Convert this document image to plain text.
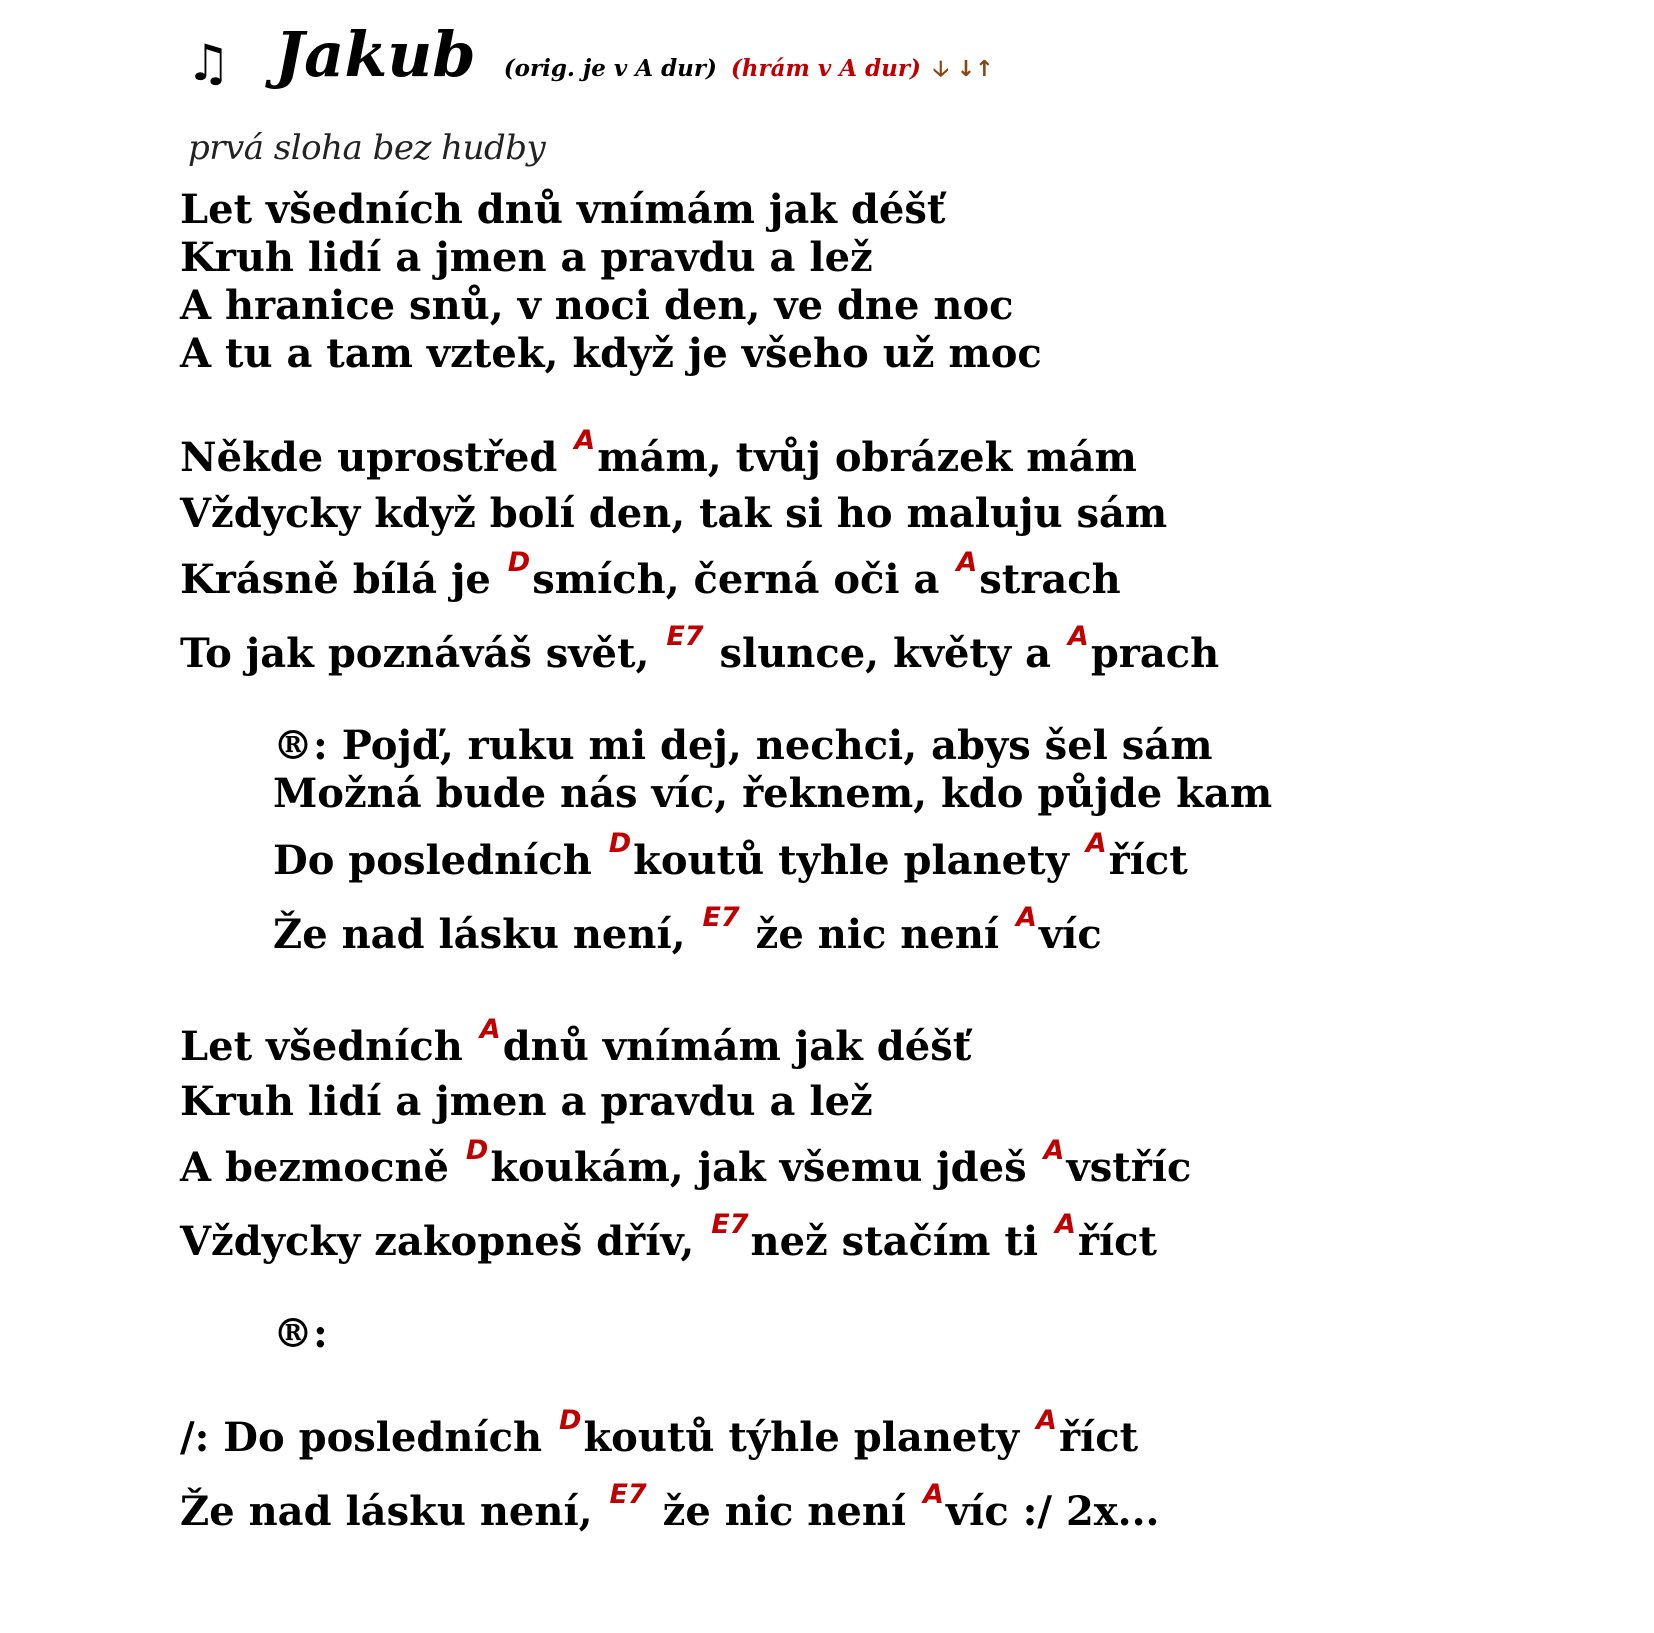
♫ Jakub (orig. je v A dur) (hrám v A dur) 🡣 ↓↑
prvá sloha bez hudby
Let všedních dnů vnímám jak déšť
Kruh lidí a jmen a pravdu a lež
A hranice snů, v noci den, ve dne noc
A tu a tam vztek, když je všeho už moc
Někde uprostřed $^A$mám, tvůj obrázek mám
Vždycky když bolí den, tak si ho maluju sám
Krásně bílá je $^D$smích, černá oči a $^A$strach
To jak poznáváš svět, $^{E7}$ slunce, květy a $^A$prach
®: Pojď, ruku mi dej, nechci, abys šel sám
Možná bude nás víc, řeknem, kdo půjde kam
Do posledních $^D$koutů tyhle planety $^A$říct
Že nad lásku není, $^{E7}$ že nic není $^A$víc
Let všedních $^A$dnů vnímám jak déšť
Kruh lidí a jmen a pravdu a lež
A bezmocně $^D$koukám, jak všemu jdeš $^A$vstříc
Vždycky zakopneš dřív, $^{E7}$než stačím ti $^A$říct
®:
/: Do posledních $^D$koutů týhle planety $^A$říct
Že nad lásku není, $^{E7}$ že nic není $^A$víc :/ 2x...
